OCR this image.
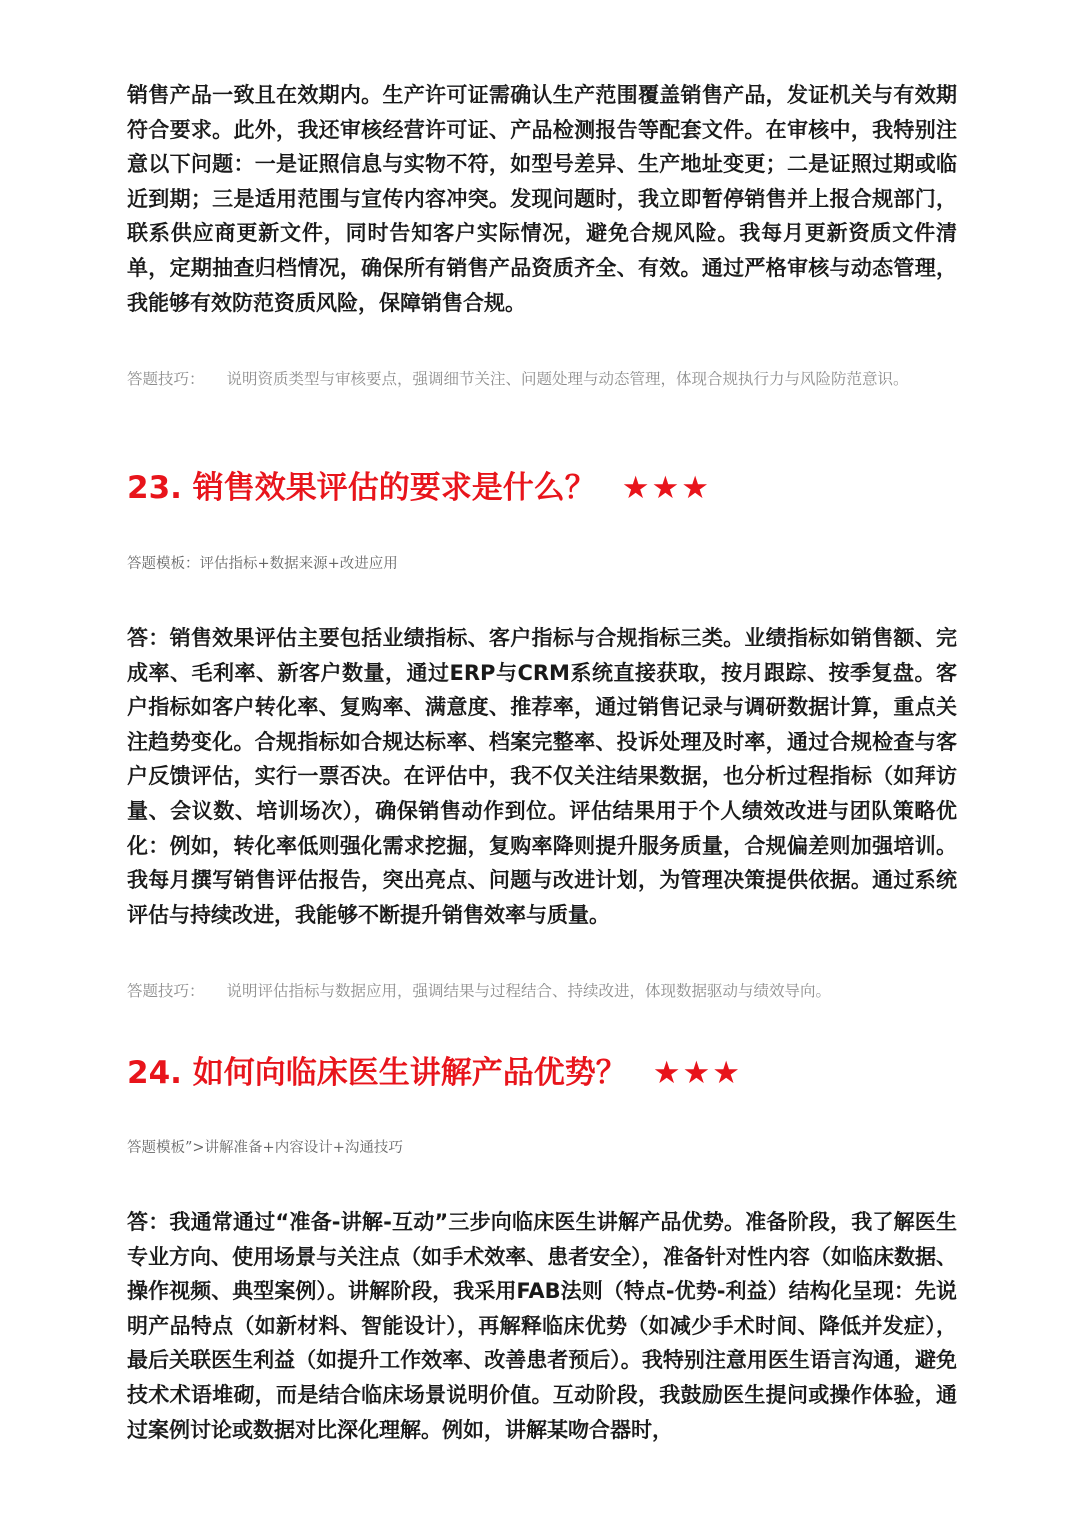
销售产品一致且在效期内。生产许可证需确认生产范围覆盖销售产品，发证机关与有效期符合要求。此外，我还审核经营许可证、产品检测报告等配套文件。在审核中，我特别注意以下问题：一是证照信息与实物不符，如型号差异、生产地址变更；二是证照过期或临近到期；三是适用范围与宣传内容冲突。发现问题时，我立即暂停销售并上报合规部门，联系供应商更新文件，同时告知客户实际情况，避免合规风险。我每月更新资质文件清单，定期抽查归档情况，确保所有销售产品资质齐全、有效。通过严格审核与动态管理，我能够有效防范资质风险，保障销售合规。

答题技巧： 说明资质类型与审核要点，强调细节关注、问题处理与动态管理，体现合规执行力与风险防范意识。

23. 销售效果评估的要求是什么？ ★★★

答题模板：评估指标+数据来源+改进应用

答：销售效果评估主要包括业绩指标、客户指标与合规指标三类。业绩指标如销售额、完成率、毛利率、新客户数量，通过ERP与CRM系统直接获取，按月跟踪、按季复盘。客户指标如客户转化率、复购率、满意度、推荐率，通过销售记录与调研数据计算，重点关注趋势变化。合规指标如合规达标率、档案完整率、投诉处理及时率，通过合规检查与客户反馈评估，实行一票否决。在评估中，我不仅关注结果数据，也分析过程指标（如拜访量、会议数、培训场次），确保销售动作到位。评估结果用于个人绩效改进与团队策略优化：例如，转化率低则强化需求挖掘，复购率降则提升服务质量，合规偏差则加强培训。我每月撰写销售评估报告，突出亮点、问题与改进计划，为管理决策提供依据。通过系统评估与持续改进，我能够不断提升销售效率与质量。

答题技巧： 说明评估指标与数据应用，强调结果与过程结合、持续改进，体现数据驱动与绩效导向。

24. 如何向临床医生讲解产品优势？ ★★★

答题模板”>讲解准备+内容设计+沟通技巧

答：我通常通过“准备-讲解-互动”三步向临床医生讲解产品优势。准备阶段，我了解医生专业方向、使用场景与关注点（如手术效率、患者安全），准备针对性内容（如临床数据、操作视频、典型案例）。讲解阶段，我采用FAB法则（特点-优势-利益）结构化呈现：先说明产品特点（如新材料、智能设计），再解释临床优势（如减少手术时间、降低并发症），最后关联医生利益（如提升工作效率、改善患者预后）。我特别注意用医生语言沟通，避免技术术语堆砌，而是结合临床场景说明价值。互动阶段，我鼓励医生提问或操作体验，通过案例讨论或数据对比深化理解。例如，讲解某吻合器时，
